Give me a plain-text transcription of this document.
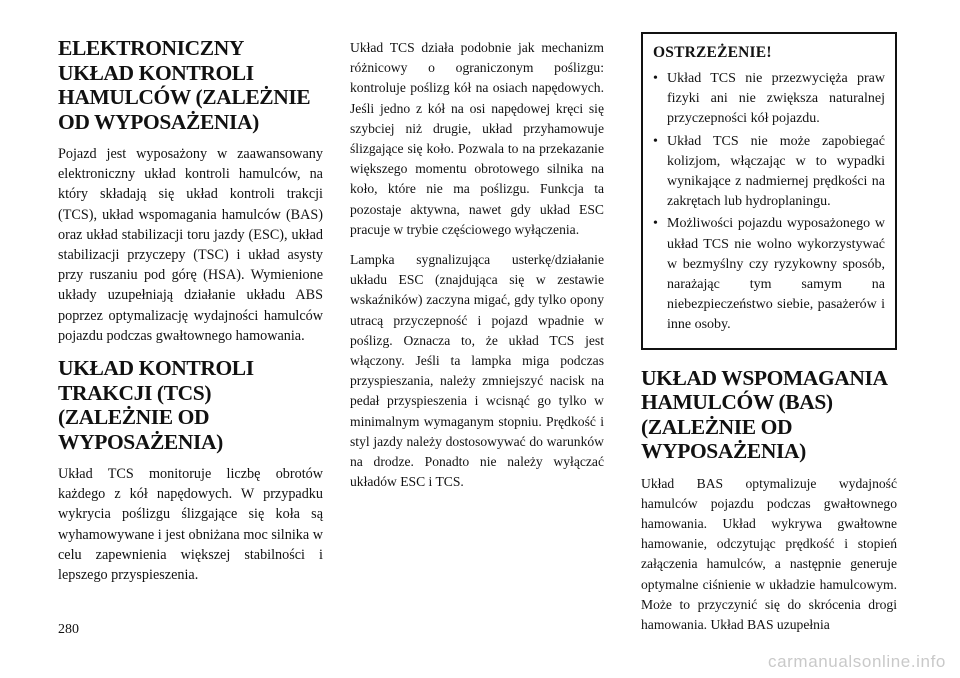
ELEKTRONICZNY UKŁAD KONTROLI HAMULCÓW (ZALEŻNIE OD WYPOSAŻENIA)

Pojazd jest wyposażony w zaawansowany elektroniczny układ kontroli hamulców, na który składają się układ kontroli trakcji (TCS), układ wspomagania hamulców (BAS) oraz układ stabilizacji toru jazdy (ESC), układ stabilizacji przyczepy (TSC) i układ asysty przy ruszaniu pod górę (HSA). Wymienione układy uzupełniają działanie układu ABS poprzez optymalizację wydajności hamulców pojazdu podczas gwałtownego hamowania.

UKŁAD KONTROLI TRAKCJI (TCS) (ZALEŻNIE OD WYPOSAŻENIA)

Układ TCS monitoruje liczbę obrotów każdego z kół napędowych. W przypadku wykrycia poślizgu ślizgające się koła są wyhamowywane i jest obniżana moc silnika w celu zapewnienia większej stabilności i lepszego przyspieszenia.

Układ TCS działa podobnie jak mechanizm różnicowy o ograniczonym poślizgu: kontroluje poślizg kół na osiach napędowych. Jeśli jedno z kół na osi napędowej kręci się szybciej niż drugie, układ przyhamowuje ślizgające się koło. Pozwala to na przekazanie większego momentu obrotowego silnika na koło, które nie ma poślizgu. Funkcja ta pozostaje aktywna, nawet gdy układ ESC pracuje w trybie częściowego wyłączenia.

Lampka sygnalizująca usterkę/działanie układu ESC (znajdująca się w zestawie wskaźników) zaczyna migać, gdy tylko opony utracą przyczepność i pojazd wpadnie w poślizg. Oznacza to, że układ TCS jest włączony. Jeśli ta lampka miga podczas przyspieszania, należy zmniejszyć nacisk na pedał przyspieszenia i wcisnąć go tylko w minimalnym wymaganym stopniu. Prędkość i styl jazdy należy dostosowywać do warunków na drodze. Ponadto nie należy wyłączać układów ESC i TCS.

OSTRZEŻENIE!
• Układ TCS nie przezwycięża praw fizyki ani nie zwiększa naturalnej przyczepności kół pojazdu.
• Układ TCS nie może zapobiegać kolizjom, włączając w to wypadki wynikające z nadmiernej prędkości na zakrętach lub hydroplaningu.
• Możliwości pojazdu wyposażonego w układ TCS nie wolno wykorzystywać w bezmyślny czy ryzykowny sposób, narażając tym samym na niebezpieczeństwo siebie, pasażerów i inne osoby.
UKŁAD WSPOMAGANIA HAMULCÓW (BAS) (ZALEŻNIE OD WYPOSAŻENIA)

Układ BAS optymalizuje wydajność hamulców pojazdu podczas gwałtownego hamowania. Układ wykrywa gwałtowne hamowanie, odczytując prędkość i stopień załączenia hamulców, a następnie generuje optymalne ciśnienie w układzie hamulcowym. Może to przyczynić się do skrócenia drogi hamowania. Układ BAS uzupełnia

280
carmanualsonline.info
